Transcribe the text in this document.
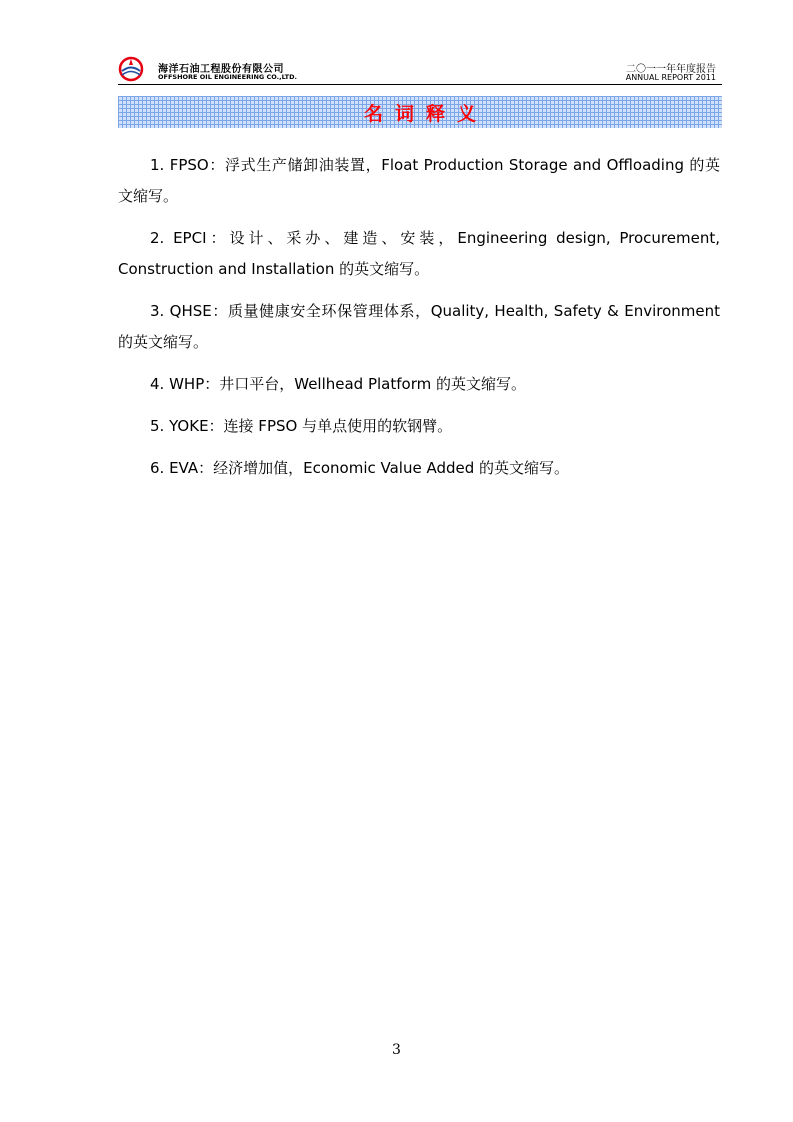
海洋石油工程股份有限公司
OFFSHORE OIL ENGINEERING CO.,LTD.
二〇一一年年度报告
ANNUAL REPORT 2011
名词释义

1. FPSO：浮式生产储卸油装置，Float Production Storage and Offloading 的英文缩写。

2. EPCI：设计、采办、建造、安装，Engineering design, Procurement, Construction and Installation 的英文缩写。

3. QHSE：质量健康安全环保管理体系，Quality, Health, Safety & Environment 的英文缩写。

4. WHP：井口平台，Wellhead Platform 的英文缩写。

5. YOKE：连接 FPSO 与单点使用的软钢臂。

6. EVA：经济增加值，Economic Value Added 的英文缩写。

3
